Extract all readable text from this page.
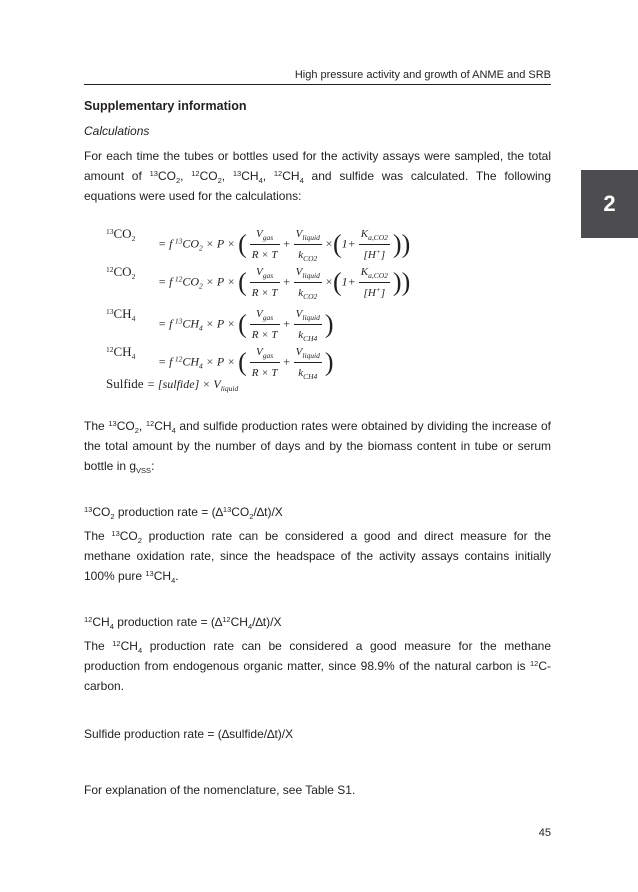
High pressure activity and growth of ANME and SRB
2

Supplementary information

Calculations

For each time the tubes or bottles used for the activity assays were sampled, the total amount of $^{13}CO_2$, $^{12}CO_2$, $^{13}CH_4$, $^{12}CH_4$ and sulfide was calculated. The following equations were used for the calculations:

$^{13}CO_2 = f$ $^{13}CO_2 \times P$ × ( $\frac{V_{gas}}{R \times T} + \frac{V_{liquid}}{k_{CO2}} \times(1+ \frac{K_{a,CO2}}{[H^+]}$ ))
$^{12}CO_2 = f$ $^{12}CO_2 \times P$ × ( $\frac{V_{gas}}{R \times T} + \frac{V_{liquid}}{k_{CO2}} \times(1+ \frac{K_{a,CO2}}{[H^+]}$ ))
$^{13}CH_4 = f$ $^{13}CH_4 \times P$ × ( $\frac{V_{gas}}{R \times T} + \frac{V_{liquid}}{k_{CH4}}$ )
$^{12}CH_4 = f$ $^{12}CH_4 \times P$ × ( $\frac{V_{gas}}{R \times T} + \frac{V_{liquid}}{k_{CH4}}$ )
Sulfide = [sulfide] × $V_{liquid}$

The $^{13}CO_2$, $^{12}CH_4$ and sulfide production rates were obtained by dividing the increase of the total amount by the number of days and by the biomass content in tube or serum bottle in $g_{VSS}$:

$^{13}CO_2$ production rate = $(\Delta^{13}CO_2/\Delta t)/X$

The $^{13}CO_2$ production rate can be considered a good and direct measure for the methane oxidation rate, since the headspace of the activity assays contains initially 100% pure $^{13}CH_4$.

$^{12}CH_4$ production rate = $(\Delta^{12}CH_4/\Delta t)/X$

The $^{12}CH_4$ production rate can be considered a good measure for the methane production from endogenous organic matter, since 98.9% of the natural carbon is $^{12}$C-carbon.

Sulfide production rate = (∆sulfide/∆t)/X

For explanation of the nomenclature, see Table S1.

45
